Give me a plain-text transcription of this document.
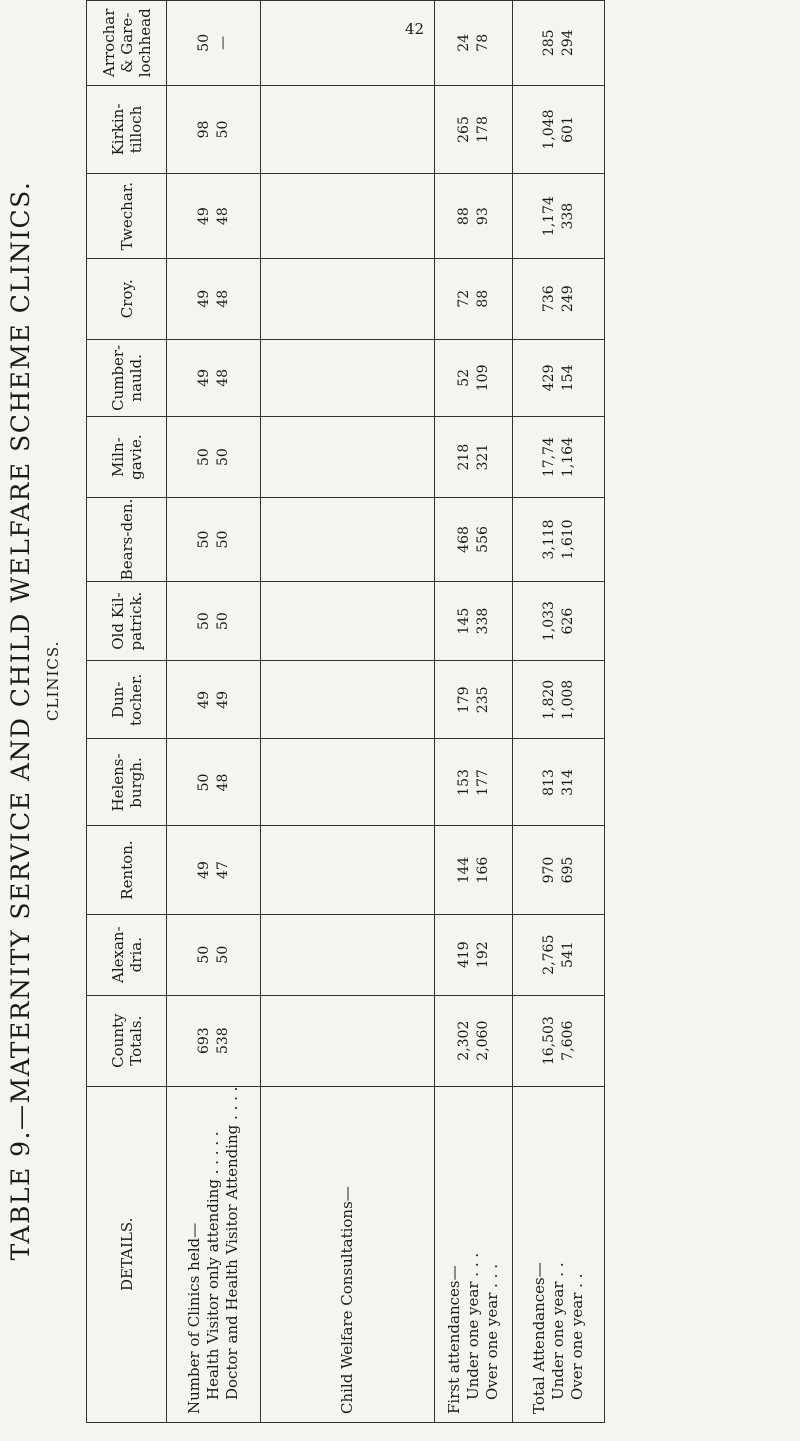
42
TABLE 9.—MATERNITY SERVICE AND CHILD WELFARE SCHEME CLINICS. CLINICS.
DETAILS.	County Totals.	Alexan-dria.	Renton.	Helens-burgh.	Dun-tocher.	Old Kil-patrick.	Bears-den.	Miln-gavie.	Cumber-nauld.	Croy.	Twechar.	Kirkin-tilloch	Arrochar & Gare-lochhead

Number of Clinics held— Health Visitor only attending . . . . . Doctor and Health Visitor Attending . . . .	693 538	50 50	49 47	50 48	49 49	50 50	50 50	50 50	49 48	49 48	49 48	98 50	50 —

Child Welfare Consultations—													

First attendances— Under one year . . . Over one year . . .	2,302 2,060	419 192	144 166	153 177	179 235	145 338	468 556	218 321	52 109	72 88	88 93	265 178	24 78

Total Attendances— Under one year . . Over one year . .	16,503 7,606	2,765 541	970 695	813 314	1,820 1,008	1,033 626	3,118 1,610	17,74 1,164	429 154	736 249	1,174 338	1,048 601	285 294
